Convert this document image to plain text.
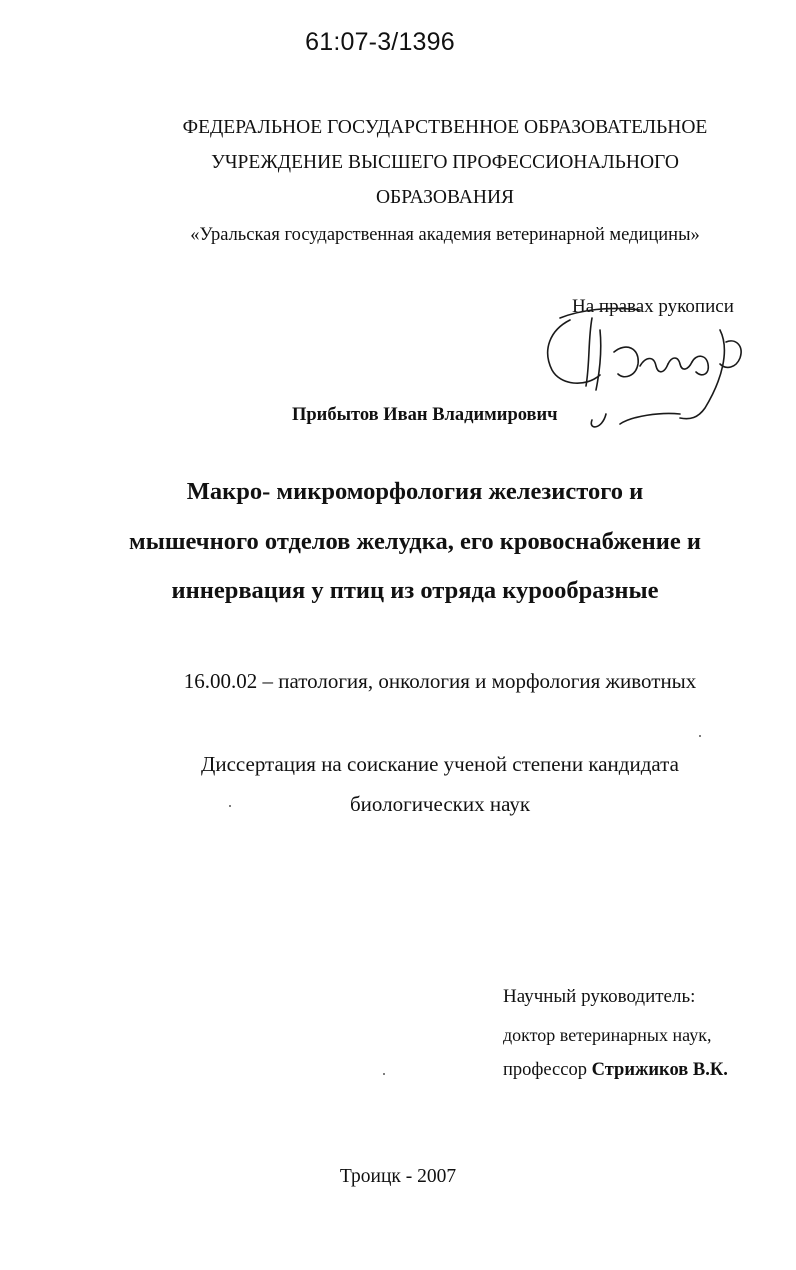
61:07-3/1396
ФЕДЕРАЛЬНОЕ ГОСУДАРСТВЕННОЕ ОБРАЗОВАТЕЛЬНОЕ
УЧРЕЖДЕНИЕ ВЫСШЕГО ПРОФЕССИОНАЛЬНОГО
ОБРАЗОВАНИЯ
«Уральская государственная академия ветеринарной медицины»
На правах рукописи
Прибытов Иван Владимирович
Макро- микроморфология железистого и
мышечного отделов желудка, его кровоснабжение и
иннервация у птиц из отряда курообразные
16.00.02 – патология, онкология и морфология животных
Диссертация на соискание ученой степени кандидата
биологических наук
Научный руководитель:
доктор ветеринарных наук,
профессор Стрижиков В.К.
Троицк - 2007
